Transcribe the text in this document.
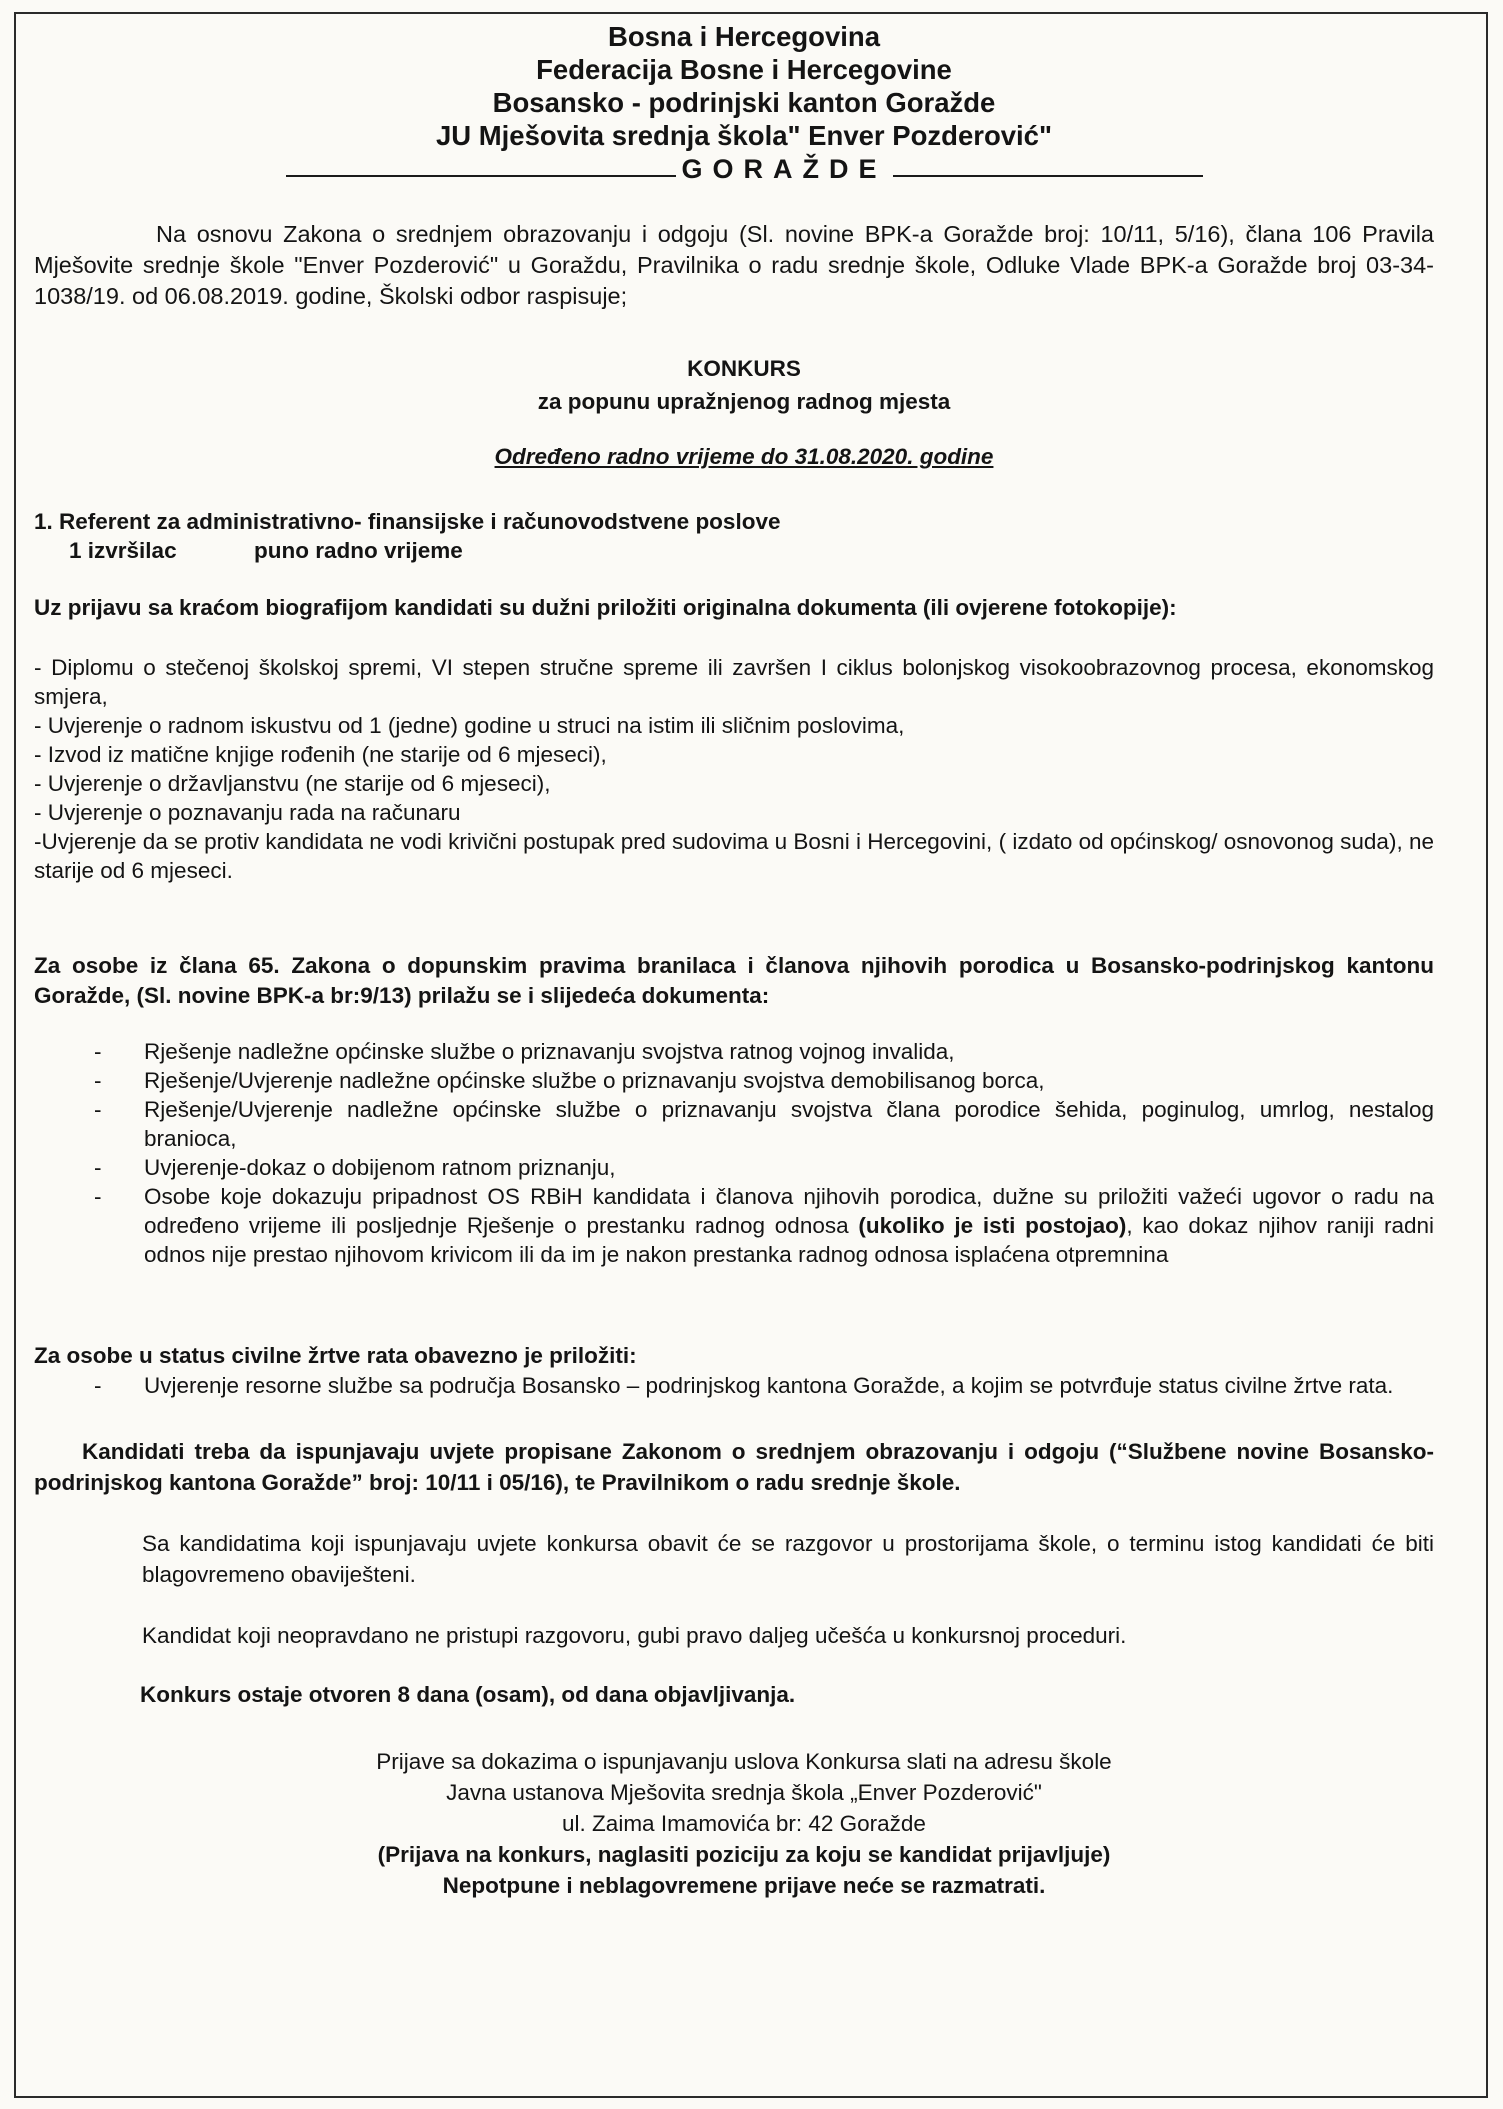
Bosna i Hercegovina
Federacija Bosne i Hercegovine
Bosansko - podrinjski kanton Goražde
JU Mješovita srednja škola" Enver Pozderović"
GORAŽDE

Na osnovu Zakona o srednjem obrazovanju i odgoju (Sl. novine BPK-a Goražde broj: 10/11, 5/16), člana 106 Pravila Mješovite srednje škole "Enver Pozderović" u Goraždu, Pravilnika o radu srednje škole, Odluke Vlade BPK-a Goražde broj 03-34-1038/19. od 06.08.2019. godine, Školski odbor raspisuje;

KONKURS
za popunu upražnjenog radnog mjesta
Određeno radno vrijeme do 31.08.2020. godine
1. Referent za administrativno- finansijske i računovodstvene poslove
1 izvršilac	puno radno vrijeme

Uz prijavu sa kraćom biografijom kandidati su dužni priložiti originalna dokumenta (ili ovjerene fotokopije):

- Diplomu o stečenoj školskoj spremi, VI stepen stručne spreme ili završen I ciklus bolonjskog visokoobrazovnog procesa, ekonomskog smjera,
- Uvjerenje o radnom iskustvu od 1 (jedne) godine u struci na istim ili sličnim poslovima,
- Izvod iz matične knjige rođenih (ne starije od 6 mjeseci),
- Uvjerenje o državljanstvu (ne starije od 6 mjeseci),
- Uvjerenje o poznavanju rada na računaru
-Uvjerenje da se protiv kandidata ne vodi krivični postupak pred sudovima u Bosni i Hercegovini, ( izdato od općinskog/ osnovonog suda), ne starije od 6 mjeseci.

Za osobe iz člana 65. Zakona o dopunskim pravima branilaca i članova njihovih porodica u Bosansko-podrinjskog kantonu Goražde, (Sl. novine BPK-a br:9/13) prilažu se i slijedeća dokumenta:

- Rješenje nadležne općinske službe o priznavanju svojstva ratnog vojnog invalida,
- Rješenje/Uvjerenje nadležne općinske službe o priznavanju svojstva demobilisanog borca,
- Rješenje/Uvjerenje nadležne općinske službe o priznavanju svojstva člana porodice šehida, poginulog, umrlog, nestalog branioca,
- Uvjerenje-dokaz o dobijenom ratnom priznanju,
- Osobe koje dokazuju pripadnost OS RBiH kandidata i članova njihovih porodica, dužne su priložiti važeći ugovor o radu na određeno vrijeme ili posljednje Rješenje o prestanku radnog odnosa (ukoliko je isti postojao), kao dokaz njihov raniji radni odnos nije prestao njihovom krivicom ili da im je nakon prestanka radnog odnosa isplaćena otpremnina

Za osobe u status civilne žrtve rata obavezno je priložiti:

- Uvjerenje resorne službe sa područja Bosansko – podrinjskog kantona Goražde, a kojim se potvrđuje status civilne žrtve rata.

Kandidati treba da ispunjavaju uvjete propisane Zakonom o srednjem obrazovanju i odgoju (“Službene novine Bosansko-podrinjskog kantona Goražde” broj: 10/11 i 05/16), te Pravilnikom o radu srednje škole.

Sa kandidatima koji ispunjavaju uvjete konkursa obavit će se razgovor u prostorijama škole, o terminu istog kandidati će biti blagovremeno obaviješteni.

Kandidat koji neopravdano ne pristupi razgovoru, gubi pravo daljeg učešća u konkursnoj proceduri.

Konkurs ostaje otvoren 8 dana (osam), od dana objavljivanja.

Prijave sa dokazima o ispunjavanju uslova Konkursa slati na adresu škole
Javna ustanova Mješovita srednja škola „Enver Pozderović"
ul. Zaima Imamovića br: 42 Goražde
(Prijava na konkurs, naglasiti poziciju za koju se kandidat prijavljuje)
Nepotpune i neblagovremene prijave neće se razmatrati.
